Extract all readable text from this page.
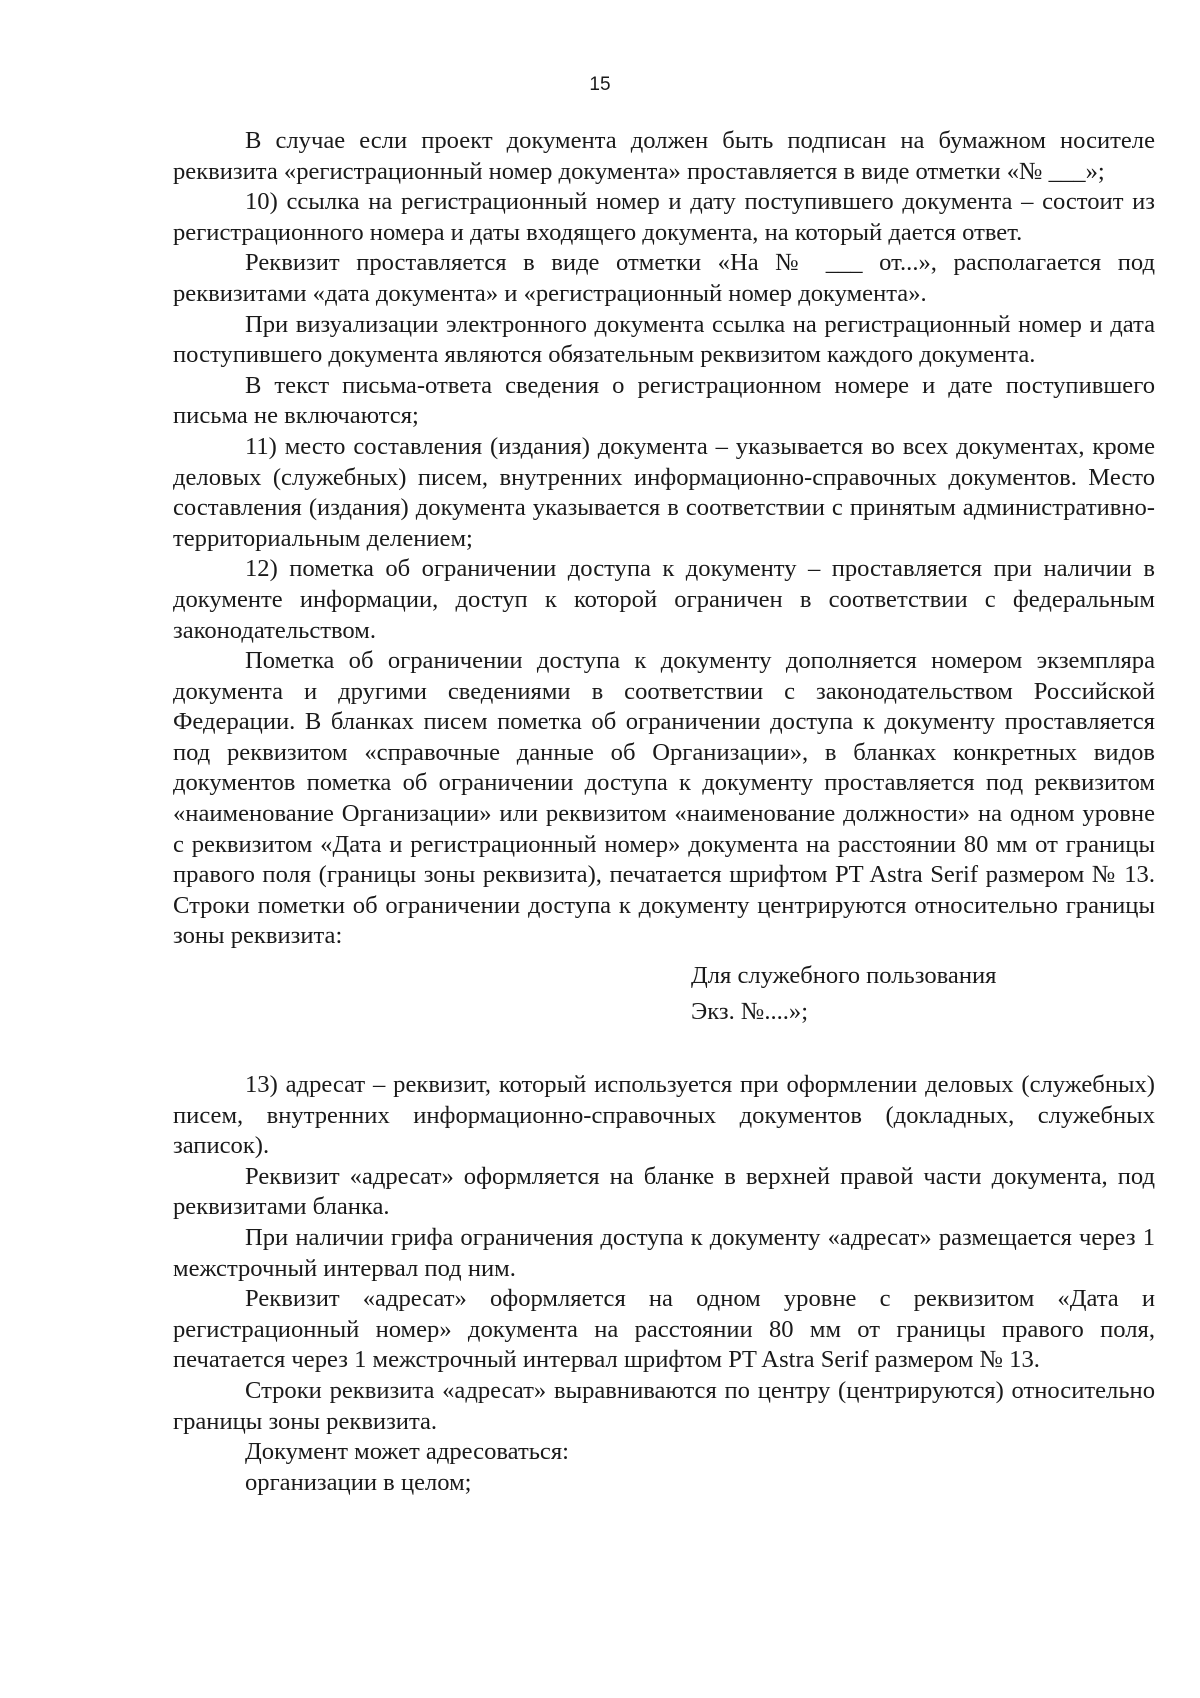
15

В случае если проект документа должен быть подписан на бумажном носителе реквизита «регистрационный номер документа» проставляется в виде отметки «№ ___»;

10) ссылка на регистрационный номер и дату поступившего документа – состоит из регистрационного номера и даты входящего документа, на который дается ответ.

Реквизит проставляется в виде отметки «На № ___ от...», располагается под реквизитами «дата документа» и «регистрационный номер документа».

При визуализации электронного документа ссылка на регистрационный номер и дата поступившего документа являются обязательным реквизитом каждого документа.

В текст письма-ответа сведения о регистрационном номере и дате поступившего письма не включаются;

11) место составления (издания) документа – указывается во всех документах, кроме деловых (служебных) писем, внутренних информационно-справочных документов. Место составления (издания) документа указывается в соответствии с принятым административно-территориальным делением;

12) пометка об ограничении доступа к документу – проставляется при наличии в документе информации, доступ к которой ограничен в соответствии с федеральным законодательством.

Пометка об ограничении доступа к документу дополняется номером экземпляра документа и другими сведениями в соответствии с законодательством Российской Федерации. В бланках писем пометка об ограничении доступа к документу проставляется под реквизитом «справочные данные об Организации», в бланках конкретных видов документов пометка об ограничении доступа к документу проставляется под реквизитом «наименование Организации» или реквизитом «наименование должности» на одном уровне с реквизитом «Дата и регистрационный номер» документа на расстоянии 80 мм от границы правого поля (границы зоны реквизита), печатается шрифтом PT Astra Serif размером № 13. Строки пометки об ограничении доступа к документу центрируются относительно границы зоны реквизита:

Для служебного пользования
Экз. №....»;

13) адресат – реквизит, который используется при оформлении деловых (служебных) писем, внутренних информационно-справочных документов (докладных, служебных записок).

Реквизит «адресат» оформляется на бланке в верхней правой части документа, под реквизитами бланка.

При наличии грифа ограничения доступа к документу «адресат» размещается через 1 межстрочный интервал под ним.

Реквизит «адресат» оформляется на одном уровне с реквизитом «Дата и регистрационный номер» документа на расстоянии 80 мм от границы правого поля, печатается через 1 межстрочный интервал шрифтом PT Astra Serif размером № 13.

Строки реквизита «адресат» выравниваются по центру (центрируются) относительно границы зоны реквизита.

Документ может адресоваться:
организации в целом;
